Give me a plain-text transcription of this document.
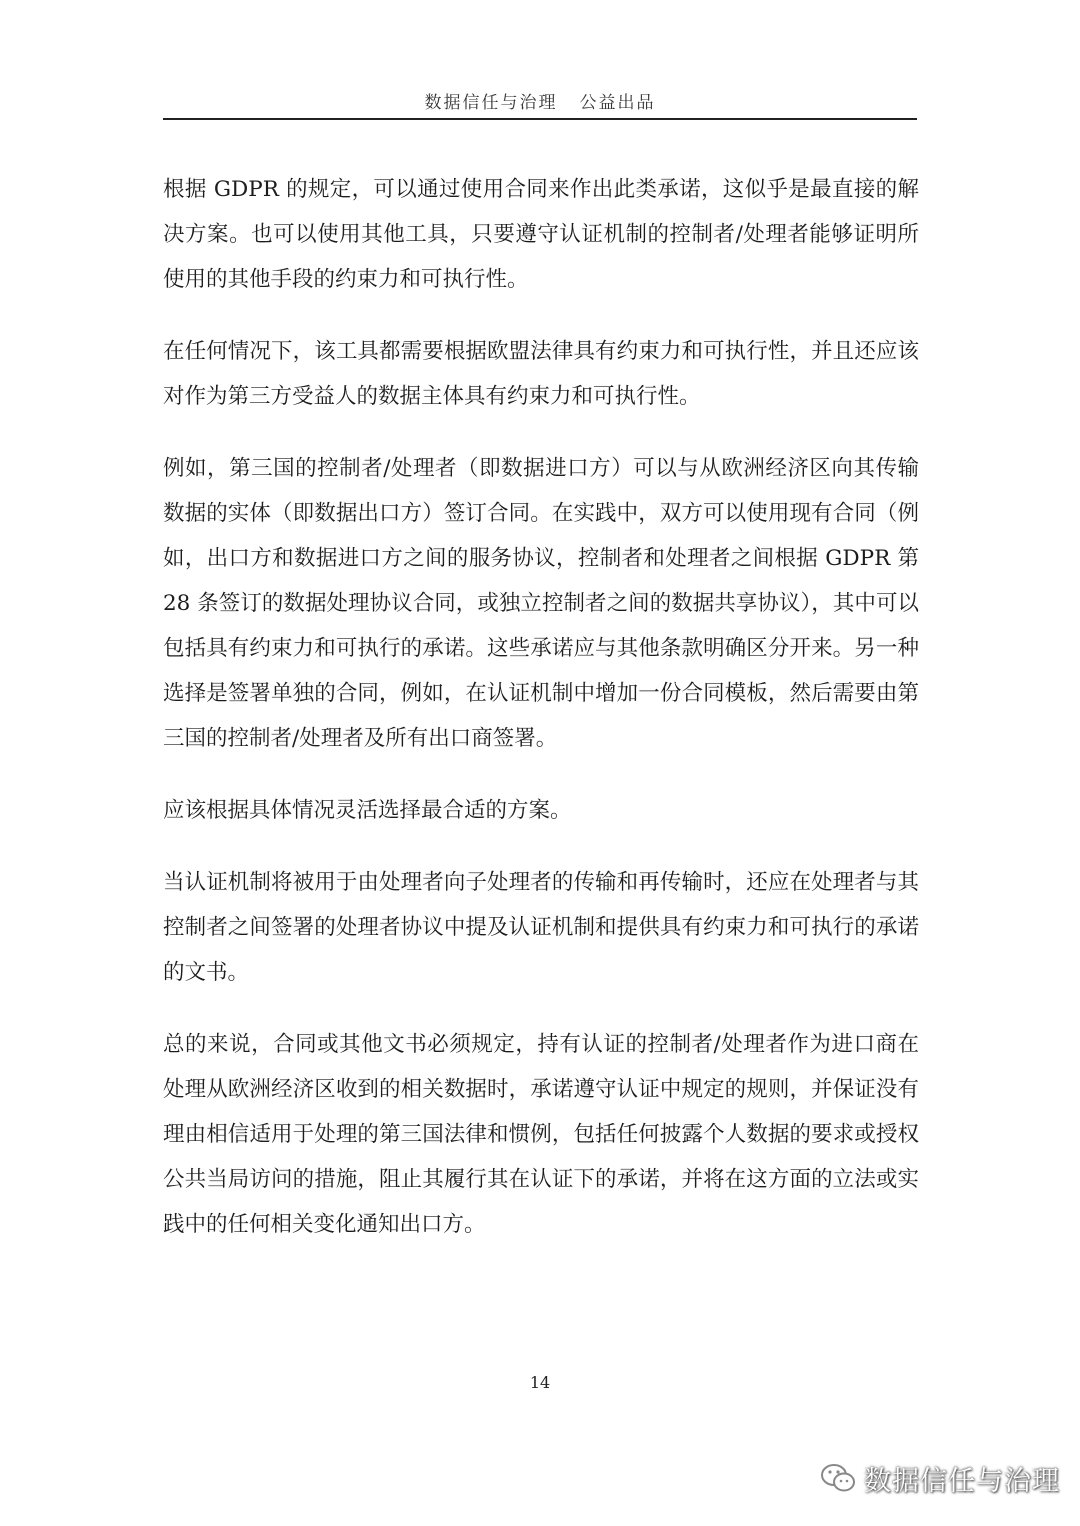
数据信任与治理 公益出品

根据 GDPR 的规定，可以通过使用合同来作出此类承诺，这似乎是最直接的解决方案。也可以使用其他工具，只要遵守认证机制的控制者/处理者能够证明所使用的其他手段的约束力和可执行性。

在任何情况下，该工具都需要根据欧盟法律具有约束力和可执行性，并且还应该对作为第三方受益人的数据主体具有约束力和可执行性。

例如，第三国的控制者/处理者（即数据进口方）可以与从欧洲经济区向其传输数据的实体（即数据出口方）签订合同。在实践中，双方可以使用现有合同（例如，出口方和数据进口方之间的服务协议，控制者和处理者之间根据 GDPR 第 28 条签订的数据处理协议合同，或独立控制者之间的数据共享协议），其中可以包括具有约束力和可执行的承诺。这些承诺应与其他条款明确区分开来。另一种选择是签署单独的合同，例如，在认证机制中增加一份合同模板，然后需要由第三国的控制者/处理者及所有出口商签署。

应该根据具体情况灵活选择最合适的方案。

当认证机制将被用于由处理者向子处理者的传输和再传输时，还应在处理者与其控制者之间签署的处理者协议中提及认证机制和提供具有约束力和可执行的承诺的文书。

总的来说，合同或其他文书必须规定，持有认证的控制者/处理者作为进口商在处理从欧洲经济区收到的相关数据时，承诺遵守认证中规定的规则，并保证没有理由相信适用于处理的第三国法律和惯例，包括任何披露个人数据的要求或授权公共当局访问的措施，阻止其履行其在认证下的承诺，并将在这方面的立法或实践中的任何相关变化通知出口方。

14
数据信任与治理
